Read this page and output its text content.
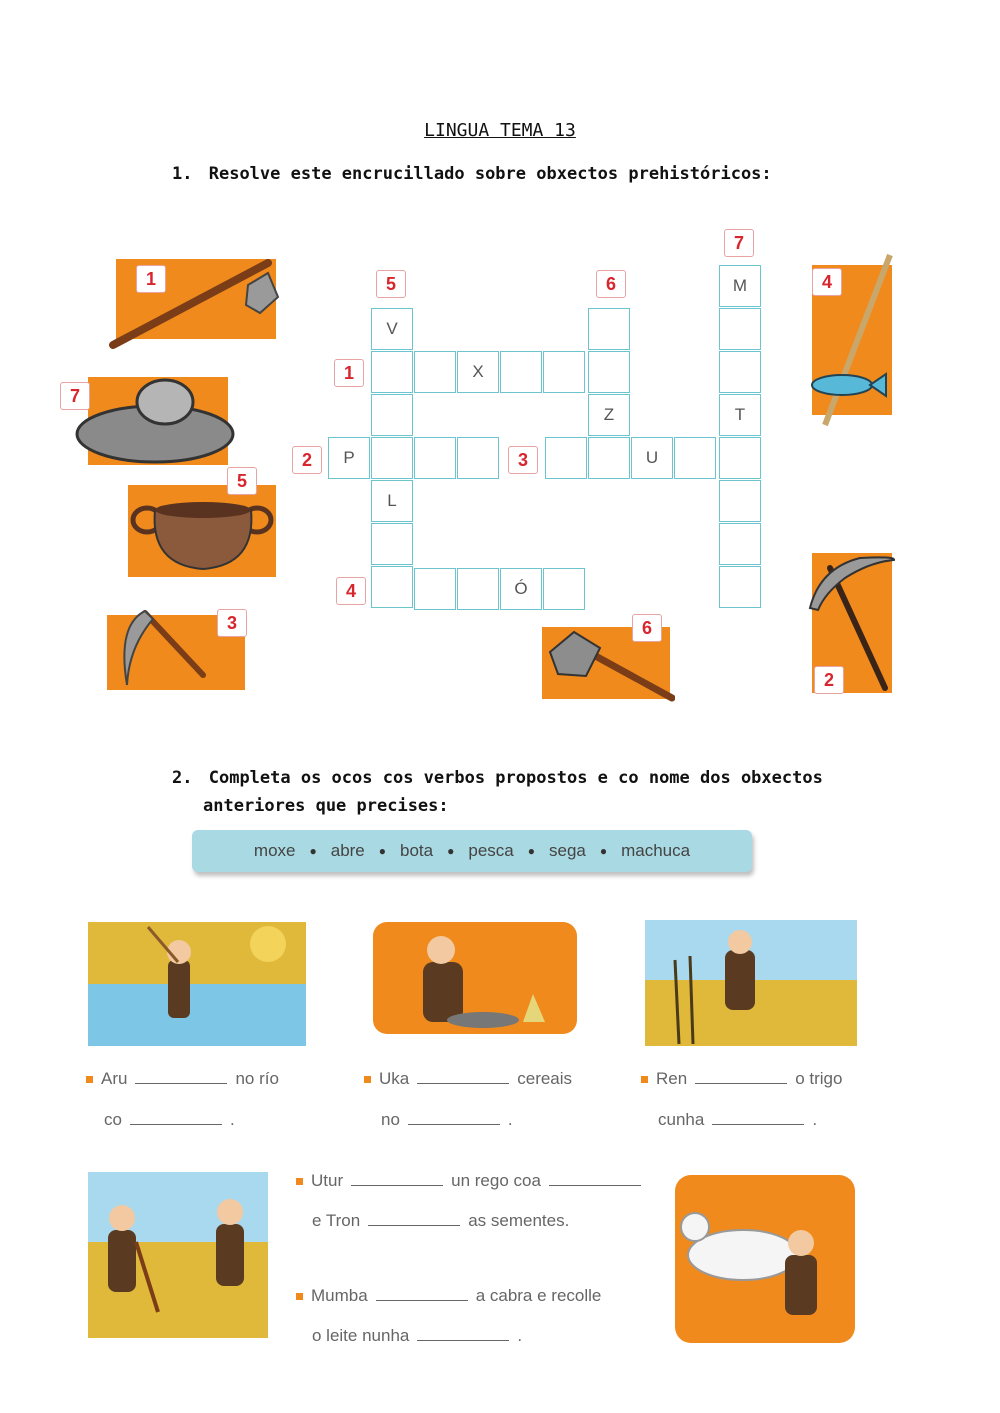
LINGUA TEMA 13
1. Resolve este encrucillado sobre obxectos prehistóricos:
V
L
X
Z
P	U
M
T
Ó
5	6
7
1
2	3
4
1
7
5
3
4
2
6
2. Completa os ocos cos verbos propostos e co nome dos obxectos
anteriores que precises:
moxe ● abre ● bota ● pesca ● sega ● machuca
Aru	no río
co	.
Uka	cereais
no	.
Ren	o trigo
cunha	.
Utur	un rego coa
e Tron	as sementes.
Mumba	a cabra e recolle
o leite nunha	.
